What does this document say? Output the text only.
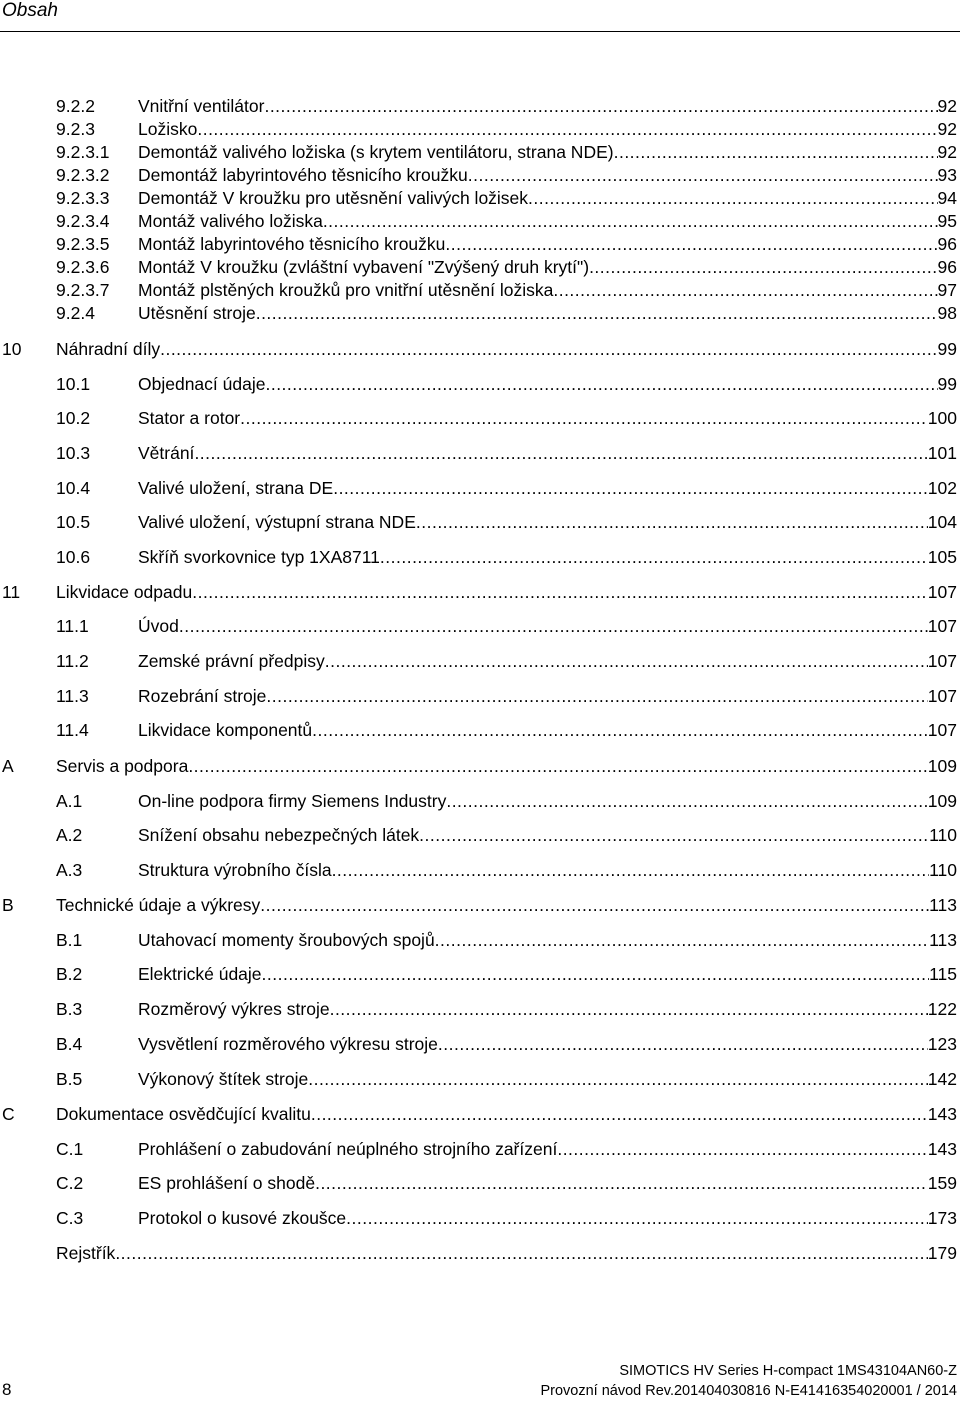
Obsah
9.2.2 Vnitřní ventilátor .....	92
9.2.3 Ložisko .....	92
9.2.3.1 Demontáž valivého ložiska (s krytem ventilátoru, strana NDE) .....	92
9.2.3.2 Demontáž labyrintového těsnicího kroužku .....	93
9.2.3.3 Demontáž V kroužku pro utěsnění valivých ložisek .....	94
9.2.3.4 Montáž valivého ložiska .....	95
9.2.3.5 Montáž labyrintového těsnicího kroužku .....	96
9.2.3.6 Montáž V kroužku (zvláštní vybavení "Zvýšený druh krytí") .....	96
9.2.3.7 Montáž plstěných kroužků pro vnitřní utěsnění ložiska .....	97
9.2.4 Utěsnění stroje .....	98
10 Náhradní díly .....	99
10.1	Objednací údaje .....	99
10.2	Stator a rotor .....	100
10.3	Větrání .....	101
10.4	Valivé uložení, strana DE .....	102
10.5	Valivé uložení, výstupní strana NDE .....	104
10.6	Skříň svorkovnice typ 1XA8711 .....	105
11 Likvidace odpadu .....	107
11.1	Úvod .....	107
11.2	Zemské právní předpisy .....	107
11.3	Rozebrání stroje .....	107
11.4	Likvidace komponentů .....	107
A Servis a podpora .....	109
A.1	On-line podpora firmy Siemens Industry .....	109
A.2	Snížení obsahu nebezpečných látek .....	110
A.3	Struktura výrobního čísla .....	110
B Technické údaje a výkresy .....	113
B.1	Utahovací momenty šroubových spojů .....	113
B.2	Elektrické údaje .....	115
B.3	Rozměrový výkres stroje .....	122
B.4	Vysvětlení rozměrového výkresu stroje .....	123
B.5	Výkonový štítek stroje .....	142
C Dokumentace osvědčující kvalitu .....	143
C.1	Prohlášení o zabudování neúplného strojního zařízení .....	143
C.2	ES prohlášení o shodě .....	159
C.3	Protokol o kusové zkoušce .....	173
Rejstřík .....	179
8
SIMOTICS HV Series H-compact 1MS43104AN60-Z
Provozní návod Rev.201404030816 N-E41416354020001 / 2014
